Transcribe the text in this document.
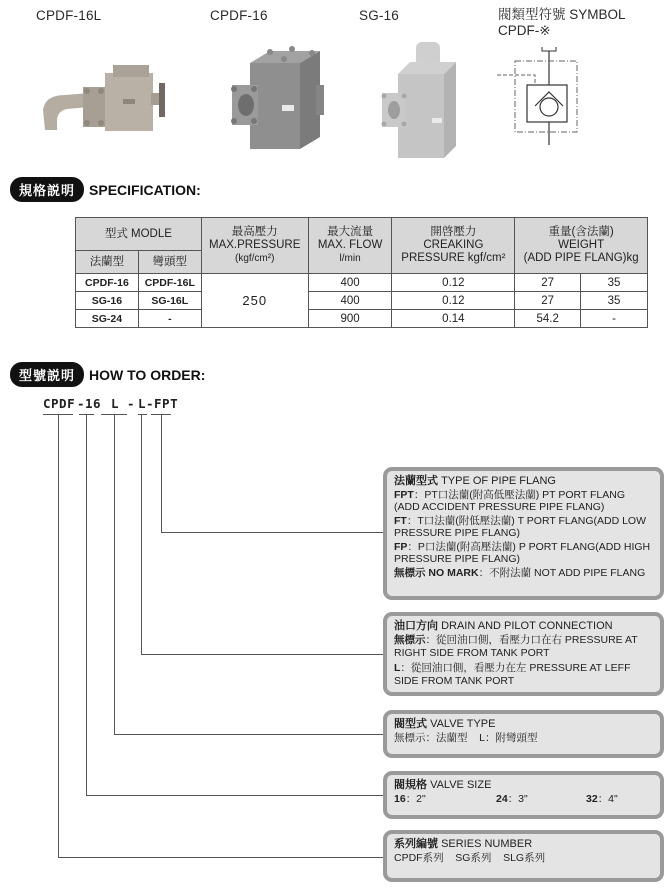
CPDF-16L	CPDF-16	SG-16	閥類型符號 SYMBOL
CPDF-※
規格説明	SPECIFICATION:
型式 MODLE	最高壓力
MAX.PRESSURE
(kgf/cm²)

最大流量
MAX. FLOW
l/min

開啓壓力
CREAKING
PRESSURE kgf/cm²

重量(含法蘭)
WEIGHT
(ADD PIPE FLANG)kg

法蘭型	彎頭型					
CPDF-16	CPDF-16L	250	400	0.12	27	35
SG-16	SG-16L		400	0.12	27	35
SG-24	-		900	0.14	54.2	-
型號説明	HOW TO ORDER:
CPDF -16 L - L -FPT
法蘭型式 TYPE OF PIPE FLANG

FPT：PT口法蘭(附高低壓法蘭) PT PORT FLANG (ADD ACCIDENT PRESSURE PIPE FLANG)

FT：T口法蘭(附低壓法蘭) T PORT FLANG(ADD LOW PRESSURE PIPE FLANG)

FP：P口法蘭(附高壓法蘭) P PORT FLANG(ADD HIGH PRESSURE PIPE FLANG)

無標示 NO MARK：不附法蘭 NOT ADD PIPE FLANG

油口方向 DRAIN AND PILOT CONNECTION

無標示：從回油口側，看壓力口在右 PRESSURE AT RIGHT SIDE FROM TANK PORT

L：從回油口側，看壓力在左 PRESSURE AT LEFF SIDE FROM TANK PORT

閥型式 VALVE TYPE

無標示：法蘭型    L：附彎頭型

閥規格 VALVE SIZE

16：2"	24：3"	32：4"

系列編號 SERIES NUMBER

CPDF系列    SG系列    SLG系列
